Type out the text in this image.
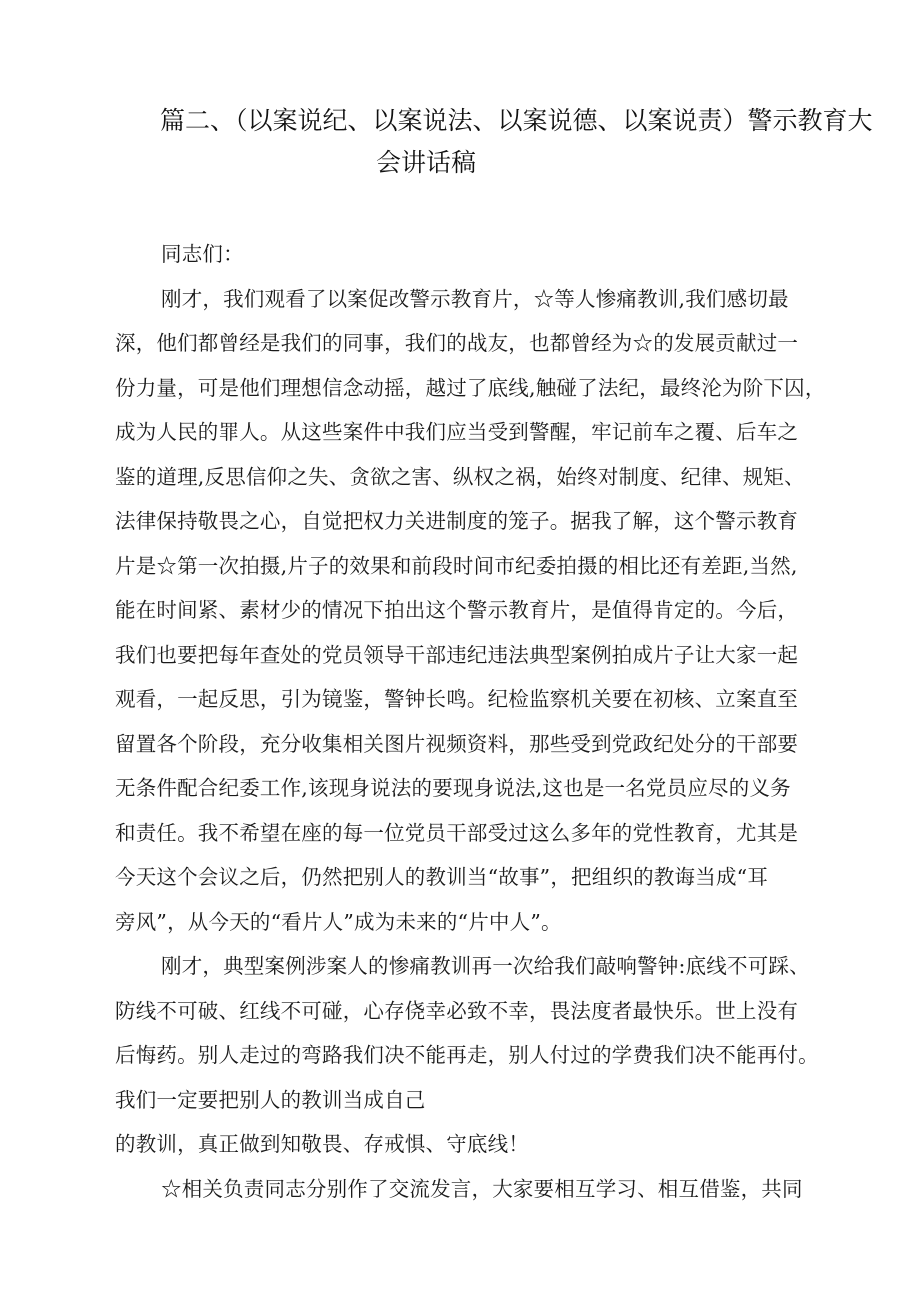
篇二、（以案说纪、以案说法、以案说德、以案说责）警示教育大
会讲话稿
同志们：
刚才，我们观看了以案促改警示教育片，☆等人惨痛教训,我们感切最
深，他们都曾经是我们的同事，我们的战友，也都曾经为☆的发展贡献过一
份力量，可是他们理想信念动摇，越过了底线,触碰了法纪，最终沦为阶下囚，
成为人民的罪人。从这些案件中我们应当受到警醒，牢记前车之覆、后车之
鉴的道理,反思信仰之失、贪欲之害、纵权之祸，始终对制度、纪律、规矩、
法律保持敬畏之心，自觉把权力关进制度的笼子。据我了解，这个警示教育
片是☆第一次拍摄,片子的效果和前段时间市纪委拍摄的相比还有差距,当然,
能在时间紧、素材少的情况下拍出这个警示教育片，是值得肯定的。今后，
我们也要把每年查处的党员领导干部违纪违法典型案例拍成片子让大家一起
观看，一起反思，引为镜鉴，警钟长鸣。纪检监察机关要在初核、立案直至
留置各个阶段，充分收集相关图片视频资料，那些受到党政纪处分的干部要
无条件配合纪委工作,该现身说法的要现身说法,这也是一名党员应尽的义务
和责任。我不希望在座的每一位党员干部受过这么多年的党性教育，尤其是
今天这个会议之后，仍然把别人的教训当“故事”，把组织的教诲当成“耳
旁风”，从今天的“看片人”成为未来的“片中人”。
刚才，典型案例涉案人的惨痛教训再一次给我们敲响警钟:底线不可踩、
防线不可破、红线不可碰，心存侥幸必致不幸，畏法度者最快乐。世上没有
后悔药。别人走过的弯路我们决不能再走，别人付过的学费我们决不能再付。
我们一定要把别人的教训当成自己
的教训，真正做到知敬畏、存戒惧、守底线！
☆相关负责同志分别作了交流发言，大家要相互学习、相互借鉴，共同
